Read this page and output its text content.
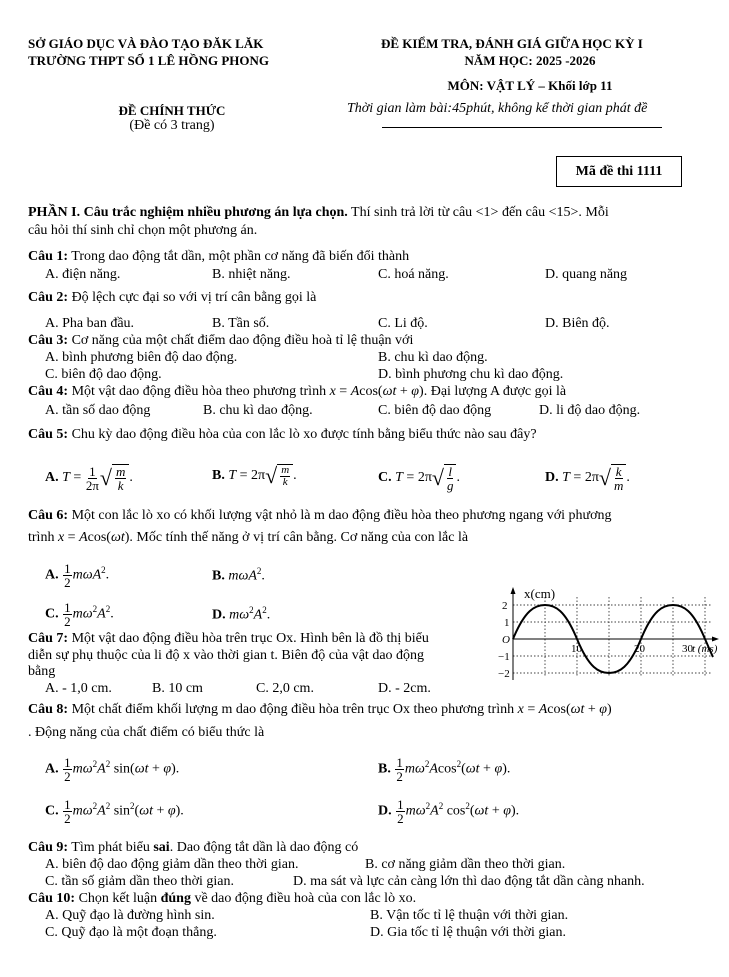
SỞ GIÁO DỤC VÀ ĐÀO TẠO ĐĂK LĂK
TRƯỜNG THPT SỐ 1 LÊ HỒNG PHONG
ĐỀ KIỂM TRA, ĐÁNH GIÁ GIỮA HỌC KỲ I
NĂM HỌC: 2025 -2026
MÔN: VẬT LÝ – Khối lớp 11
ĐỀ CHÍNH THỨC
(Đề có 3 trang)
Thời gian làm bài:45phút, không kể thời gian phát đề
Mã đề thi 1111
PHẦN I. Câu trắc nghiệm nhiều phương án lựa chọn. Thí sinh trả lời từ câu <1> đến câu <15>. Mỗi
câu hỏi thí sinh chỉ chọn một phương án.
Câu 1: Trong dao động tắt dần, một phần cơ năng đã biến đổi thành
A. điện năng.	B. nhiệt năng.	C. hoá năng.	D. quang năng
Câu 2: Độ lệch cực đại so với vị trí cân bằng gọi là
A. Pha ban đầu.	B. Tần số.	C. Li độ.	D. Biên độ.
Câu 3: Cơ năng của một chất điểm dao động điều hoà tỉ lệ thuận với
A. bình phương biên độ dao động.	B. chu kì dao động.
C. biên độ dao động.	D. bình phương chu kì dao động.
Câu 4: Một vật dao động điều hòa theo phương trình x = Acos(ωt + φ). Đại lượng A được gọi là
A. tần số dao động	B. chu kì dao động.	C. biên độ dao động	D. li độ dao động.
Câu 5: Chu kỳ dao động điều hòa của con lắc lò xo được tính bằng biểu thức nào sau đây?
A. $T = \frac{1}{2\pi}$ √ $\frac{m}{k}$ .	B. T = 2π √ $\frac{m}{k}$ .	C. T = 2π √ $\frac{l}{g}$ .	D. T = 2π √ $\frac{k}{m}$ .
Câu 6: Một con lắc lò xo có khối lượng vật nhỏ là m dao động điều hòa theo phương ngang với phương
trình x = Acos(ωt). Mốc tính thế năng ở vị trí cân bằng. Cơ năng của con lắc là
A. $\frac{1}{2} m\omega A^2$.	B. mωA$^2$.
C. $\frac{1}{2} m\omega^2A^2$.	D. $m\omega^2A^2$.
x(cm)
2
1
O
−1
−2
10	20	30 t (ms)
Câu 7: Một vật dao động điều hòa trên trục Ox. Hình bên là đồ thị biểu
diễn sự phụ thuộc của li độ x vào thời gian t. Biên độ của vật dao động
bằng
A. - 1,0 cm.	B. 10 cm	C. 2,0 cm.	D. - 2cm.
Câu 8: Một chất điểm khối lượng m dao động điều hòa trên trục Ox theo phương trình x = Acos(ωt + φ)
. Động năng của chất điểm có biểu thức là
A. $\frac{1}{2} m\omega^2A^2$ sin(ωt + φ).	B. $\frac{1}{2} m\omega^2Acos^2(\omega t + \varphi)$.
C. $\frac{1}{2} m\omega^2A^2$ $\sin^2(\omega t + \varphi)$.	D. $\frac{1}{2} m\omega^2A^2$ $\cos^2(\omega t + \varphi)$.
Câu 9: Tìm phát biểu sai. Dao động tắt dần là dao động có
A. biên độ dao động giảm dần theo thời gian.	B. cơ năng giảm dần theo thời gian.
C. tần số giảm dần theo thời gian.	D. ma sát và lực cản càng lớn thì dao động tắt dần càng nhanh.
Câu 10: Chọn kết luận đúng về dao động điều hoà của con lắc lò xo.
A. Quỹ đạo là đường hình sin.	B. Vận tốc tỉ lệ thuận với thời gian.
C. Quỹ đạo là một đoạn thẳng.	D. Gia tốc tỉ lệ thuận với thời gian.
